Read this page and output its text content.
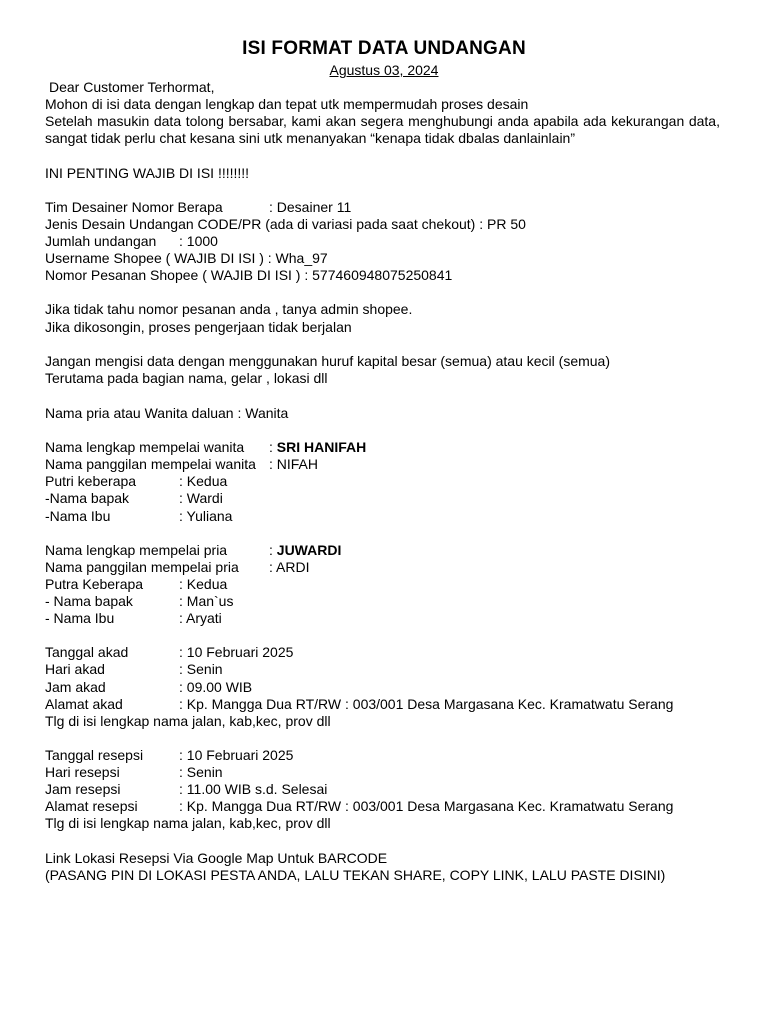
ISI FORMAT DATA UNDANGAN
Agustus 03, 2024
Dear Customer Terhormat,
Mohon di isi data dengan lengkap dan tepat utk mempermudah proses desain
Setelah masukin data tolong bersabar, kami akan segera menghubungi anda apabila ada kekurangan data, sangat tidak perlu chat kesana sini utk menanyakan “kenapa tidak dbalas danlainlain”
INI PENTING WAJIB DI ISI !!!!!!!!
Tim Desainer Nomor Berapa	: Desainer 11
Jenis Desain Undangan CODE/PR (ada di variasi pada saat chekout) : PR 50
Jumlah undangan : 1000
Username Shopee ( WAJIB DI ISI ) : Wha_97
Nomor Pesanan Shopee ( WAJIB DI ISI ) : 577460948075250841
Jika tidak tahu nomor pesanan anda , tanya admin shopee.
Jika dikosongin, proses pengerjaan tidak berjalan
Jangan mengisi data dengan menggunakan huruf kapital besar (semua) atau kecil (semua)
Terutama pada bagian nama, gelar , lokasi dll
Nama pria atau Wanita daluan : Wanita
Nama lengkap mempelai wanita : SRI HANIFAH
Nama panggilan mempelai wanita : NIFAH
Putri keberapa	: Kedua
-Nama bapak	: Wardi
-Nama Ibu	: Yuliana
Nama lengkap mempelai pria	: JUWARDI
Nama panggilan mempelai pria : ARDI
Putra Keberapa	: Kedua
- Nama bapak	: Man`us
- Nama Ibu	: Aryati
Tanggal akad	: 10 Februari 2025
Hari akad	: Senin
Jam akad	: 09.00 WIB
Alamat akad	: Kp. Mangga Dua RT/RW : 003/001 Desa Margasana Kec. Kramatwatu Serang
Tlg di isi lengkap nama jalan, kab,kec, prov dll
Tanggal resepsi	: 10 Februari 2025
Hari resepsi	: Senin
Jam resepsi	: 11.00 WIB s.d. Selesai
Alamat resepsi	: Kp. Mangga Dua RT/RW : 003/001 Desa Margasana Kec. Kramatwatu Serang
Tlg di isi lengkap nama jalan, kab,kec, prov dll
Link Lokasi Resepsi Via Google Map Untuk BARCODE
(PASANG PIN DI LOKASI PESTA ANDA, LALU TEKAN SHARE, COPY LINK, LALU PASTE DISINI)
